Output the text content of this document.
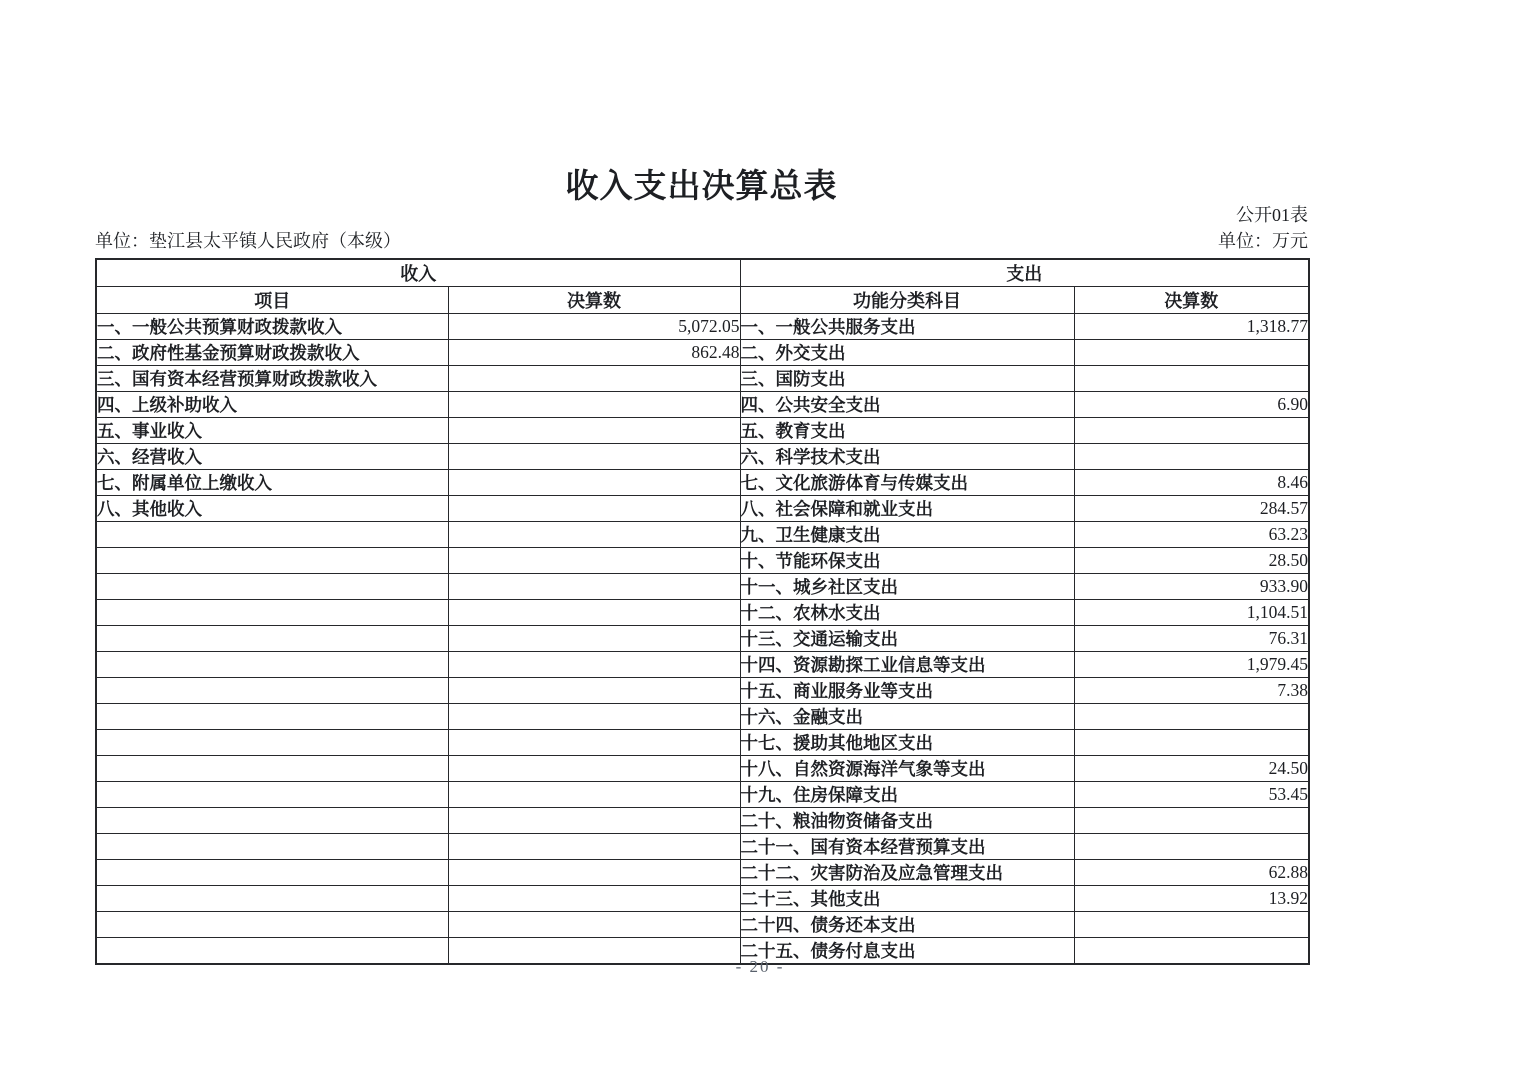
收入支出决算总表
公开01表
单位：垫江县太平镇人民政府（本级）	单位：万元
收入		支出	
项目	决算数	功能分类科目	决算数
一、一般公共预算财政拨款收入	5,072.05	一、一般公共服务支出	1,318.77
二、政府性基金预算财政拨款收入	862.48	二、外交支出	
三、国有资本经营预算财政拨款收入		三、国防支出	
四、上级补助收入		四、公共安全支出	6.90
五、事业收入		五、教育支出	
六、经营收入		六、科学技术支出	
七、附属单位上缴收入		七、文化旅游体育与传媒支出	8.46
八、其他收入		八、社会保障和就业支出	284.57
		九、卫生健康支出	63.23
		十、节能环保支出	28.50
		十一、城乡社区支出	933.90
		十二、农林水支出	1,104.51
		十三、交通运输支出	76.31
		十四、资源勘探工业信息等支出	1,979.45
		十五、商业服务业等支出	7.38
		十六、金融支出	
		十七、援助其他地区支出	
		十八、自然资源海洋气象等支出	24.50
		十九、住房保障支出	53.45
		二十、粮油物资储备支出	
		二十一、国有资本经营预算支出	
		二十二、灾害防治及应急管理支出	62.88
		二十三、其他支出	13.92
		二十四、债务还本支出	
		二十五、债务付息支出	
- 20 -
